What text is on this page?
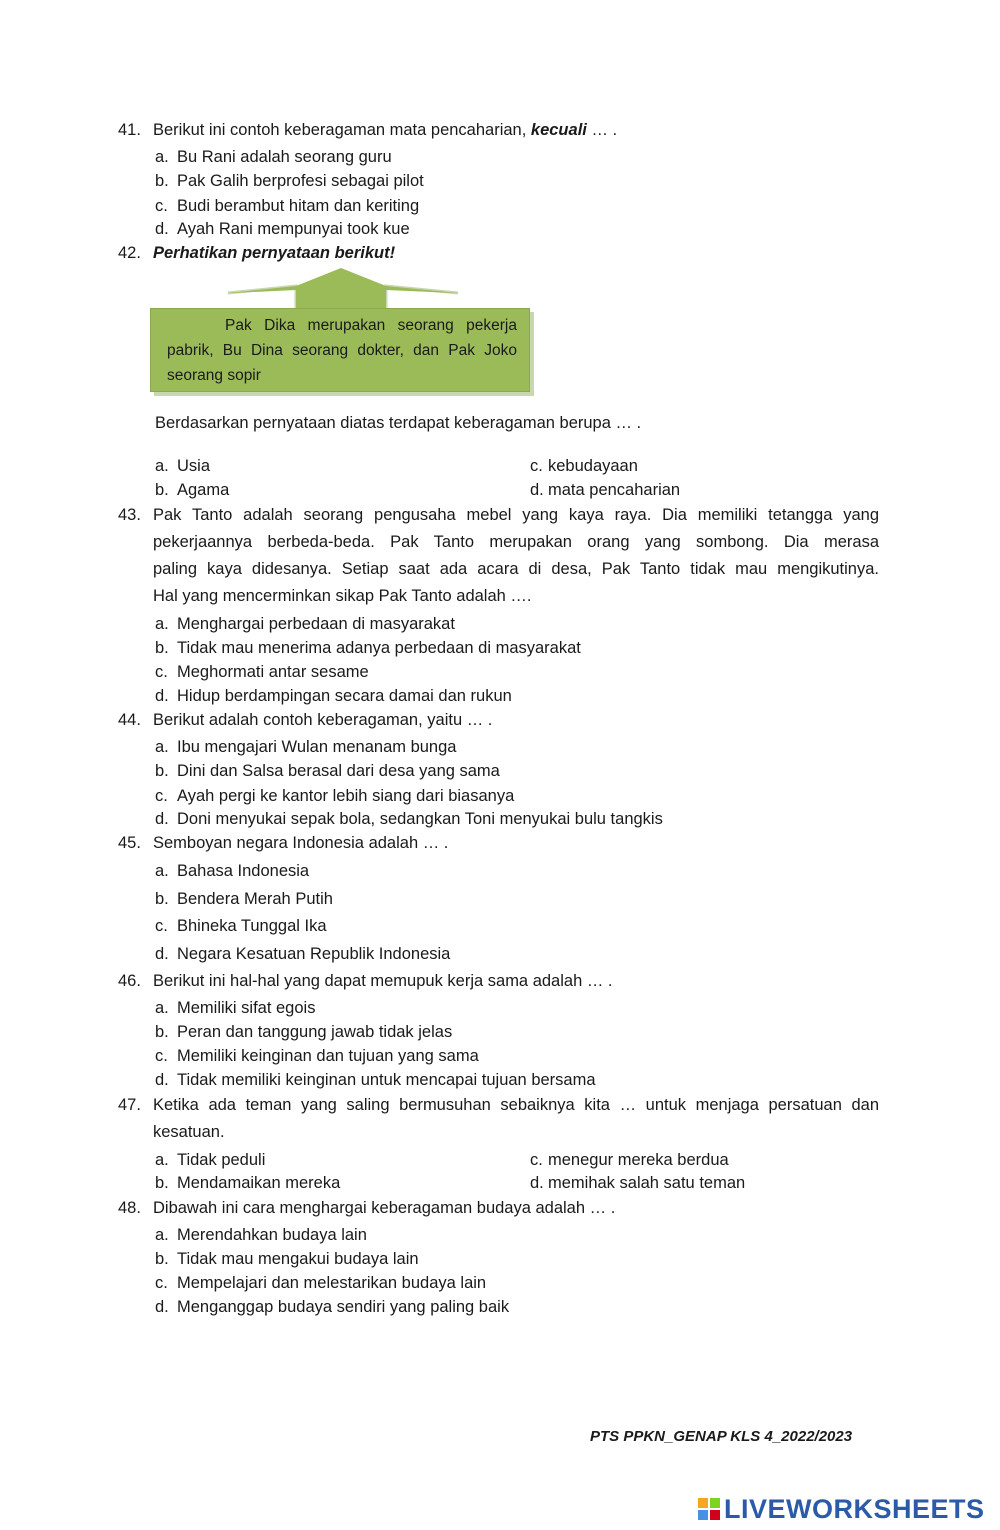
41. Berikut ini contoh keberagaman mata pencaharian, kecuali … .
a. Bu Rani adalah seorang guru
b. Pak Galih berprofesi sebagai pilot
c. Budi berambut hitam dan keriting
d. Ayah Rani mempunyai took kue
42. Perhatikan pernyataan berikut!
Pak Dika merupakan seorang pekerja
pabrik, Bu Dina seorang dokter, dan Pak Joko
seorang sopir
Berdasarkan pernyataan diatas terdapat keberagaman berupa … .
a. Usia
b. Agama
c. kebudayaan
d. mata pencaharian
43. Pak Tanto adalah seorang pengusaha mebel yang kaya raya. Dia memiliki tetangga yang
pekerjaannya berbeda-beda. Pak Tanto merupakan orang yang sombong. Dia merasa
paling kaya didesanya. Setiap saat ada acara di desa, Pak Tanto tidak mau mengikutinya.
Hal yang mencerminkan sikap Pak Tanto adalah ….
a. Menghargai perbedaan di masyarakat
b. Tidak mau menerima adanya perbedaan di masyarakat
c. Meghormati antar sesame
d. Hidup berdampingan secara damai dan rukun
44. Berikut adalah contoh keberagaman, yaitu … .
a. Ibu mengajari Wulan menanam bunga
b. Dini dan Salsa berasal dari desa yang sama
c. Ayah pergi ke kantor lebih siang dari biasanya
d. Doni menyukai sepak bola, sedangkan Toni menyukai bulu tangkis
45. Semboyan negara Indonesia adalah … .
a. Bahasa Indonesia
b. Bendera Merah Putih
c. Bhineka Tunggal Ika
d. Negara Kesatuan Republik Indonesia
46. Berikut ini hal-hal yang dapat memupuk kerja sama adalah … .
a. Memiliki sifat egois
b. Peran dan tanggung jawab tidak jelas
c. Memiliki keinginan dan tujuan yang sama
d. Tidak memiliki keinginan untuk mencapai tujuan bersama
47. Ketika ada teman yang saling bermusuhan sebaiknya kita … untuk menjaga persatuan dan
kesatuan.
a. Tidak peduli
b. Mendamaikan mereka
c. menegur mereka berdua
d. memihak salah satu teman
48. Dibawah ini cara menghargai keberagaman budaya adalah … .
a. Merendahkan budaya lain
b. Tidak mau mengakui budaya lain
c. Mempelajari dan melestarikan budaya lain
d. Menganggap budaya sendiri yang paling baik
PTS PPKN_GENAP KLS 4_2022/2023
LIVEWORKSHEETS
